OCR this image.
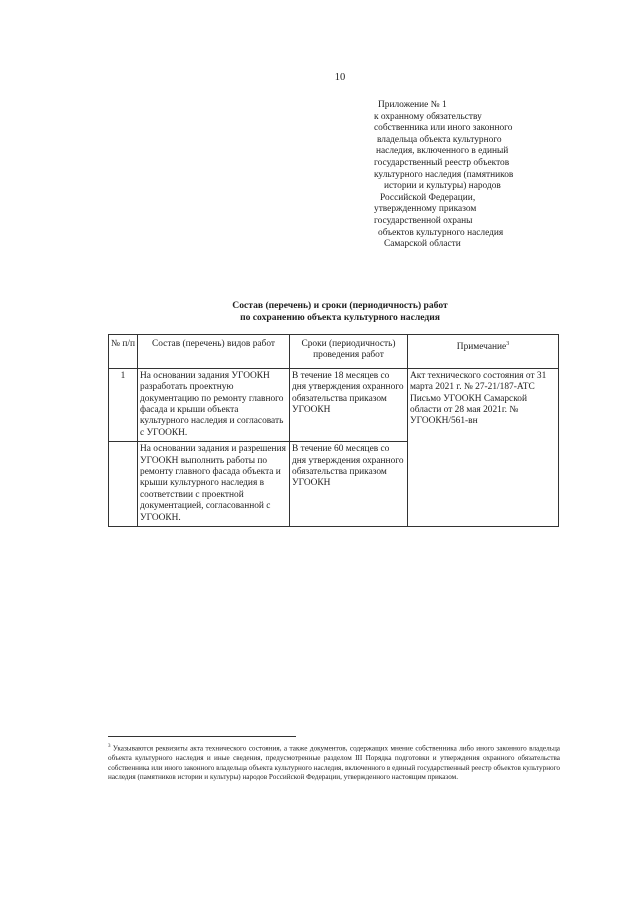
10
Приложение № 1
к охранному обязательству
собственника или иного законного
владельца объекта культурного
наследия, включенного в единый
государственный реестр объектов
культурного наследия (памятников
истории и культуры) народов
Российской Федерации,
утвержденному приказом
государственной охраны
объектов культурного наследия
Самарской области
Состав (перечень) и сроки (периодичность) работ
по сохранению объекта культурного наследия
№ п/п	Состав (перечень) видов работ	Сроки (периодичность) проведения работ	Примечание$^3$
1	На основании задания УГООКН разработать проектную документацию по ремонту главного фасада и крыши объекта культурного наследия и согласовать с УГООКН.	В течение 18 месяцев со дня утверждения охранного обязательства приказом УГООКН	Акт технического состояния от 31 марта 2021 г. № 27-21/187-АТС Письмо УГООКН Самарской области от 28 мая 2021г. № УГООКН/561-вн
	На основании задания и разрешения УГООКН выполнить работы по ремонту главного фасада объекта и крыши культурного наследия в соответствии с проектной документацией, согласованной с УГООКН.	В течение 60 месяцев со дня утверждения охранного обязательства приказом УГООКН	
$^3$ Указываются реквизиты акта технического состояния, а также документов, содержащих мнение собственника либо иного законного владельца объекта культурного наследия и иные сведения, предусмотренные разделом III Порядка подготовки и утверждения охранного обязательства собственника или иного законного владельца объекта культурного наследия, включенного в единый государственный реестр объектов культурного наследия (памятников истории и культуры) народов Российской Федерации, утвержденного настоящим приказом.
